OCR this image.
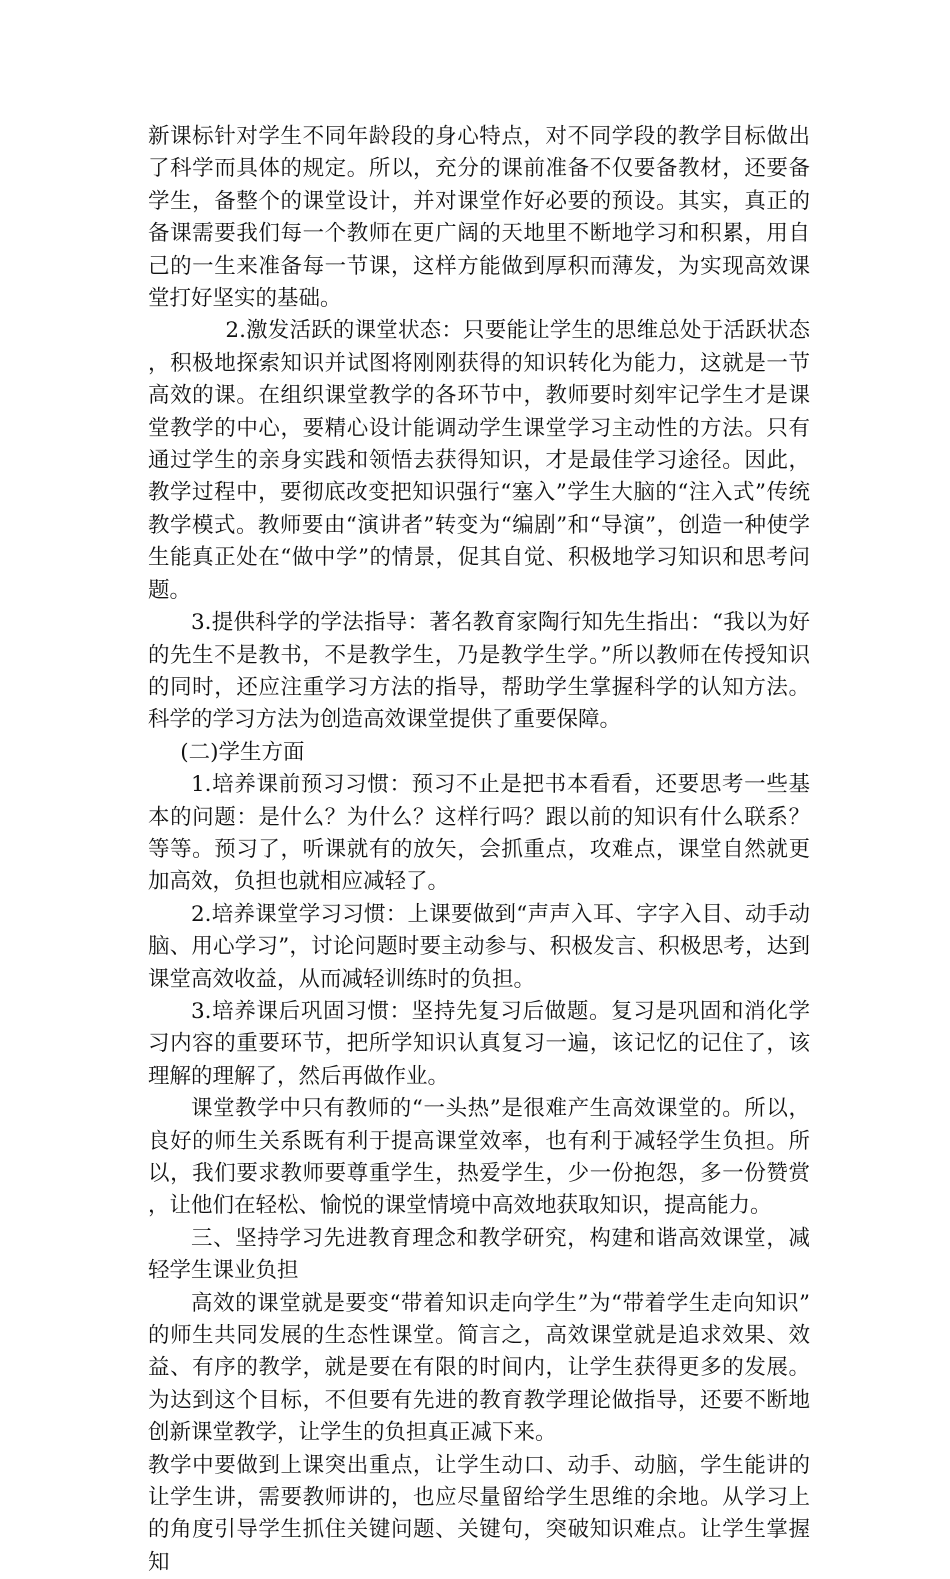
新课标针对学生不同年龄段的身心特点，对不同学段的教学目标做出了科学而具体的规定。所以，充分的课前准备不仅要备教材，还要备学生，备整个的课堂设计，并对课堂作好必要的预设。其实，真正的备课需要我们每一个教师在更广阔的天地里不断地学习和积累，用自己的一生来准备每一节课，这样方能做到厚积而薄发，为实现高效课堂打好坚实的基础。

2.激发活跃的课堂状态：只要能让学生的思维总处于活跃状态，积极地探索知识并试图将刚刚获得的知识转化为能力，这就是一节高效的课。在组织课堂教学的各环节中，教师要时刻牢记学生才是课堂教学的中心，要精心设计能调动学生课堂学习主动性的方法。只有通过学生的亲身实践和领悟去获得知识，才是最佳学习途径。因此，教学过程中，要彻底改变把知识强行“塞入”学生大脑的“注入式”传统教学模式。教师要由“演讲者”转变为“编剧”和“导演”，创造一种使学生能真正处在“做中学”的情景，促其自觉、积极地学习知识和思考问题。

3.提供科学的学法指导：著名教育家陶行知先生指出：“我以为好的先生不是教书，不是教学生，乃是教学生学。”所以教师在传授知识的同时，还应注重学习方法的指导，帮助学生掌握科学的认知方法。科学的学习方法为创造高效课堂提供了重要保障。

(二)学生方面

1.培养课前预习习惯：预习不止是把书本看看，还要思考一些基本的问题：是什么？为什么？这样行吗？跟以前的知识有什么联系？等等。预习了，听课就有的放矢，会抓重点，攻难点，课堂自然就更加高效，负担也就相应减轻了。

2.培养课堂学习习惯：上课要做到“声声入耳、字字入目、动手动脑、用心学习”，讨论问题时要主动参与、积极发言、积极思考，达到课堂高效收益，从而减轻训练时的负担。

3.培养课后巩固习惯：坚持先复习后做题。复习是巩固和消化学习内容的重要环节，把所学知识认真复习一遍，该记忆的记住了，该理解的理解了，然后再做作业。

课堂教学中只有教师的“一头热”是很难产生高效课堂的。所以，良好的师生关系既有利于提高课堂效率，也有利于减轻学生负担。所以，我们要求教师要尊重学生，热爱学生，少一份抱怨，多一份赞赏，让他们在轻松、愉悦的课堂情境中高效地获取知识，提高能力。

三、坚持学习先进教育理念和教学研究，构建和谐高效课堂，减轻学生课业负担

高效的课堂就是要变“带着知识走向学生”为“带着学生走向知识”的师生共同发展的生态性课堂。简言之，高效课堂就是追求效果、效益、有序的教学，就是要在有限的时间内，让学生获得更多的发展。为达到这个目标，不但要有先进的教育教学理论做指导，还要不断地创新课堂教学，让学生的负担真正减下来。

教学中要做到上课突出重点，让学生动口、动手、动脑，学生能讲的让学生讲，需要教师讲的，也应尽量留给学生思维的余地。从学习上的角度引导学生抓住关键问题、关键句，突破知识难点。让学生掌握知
